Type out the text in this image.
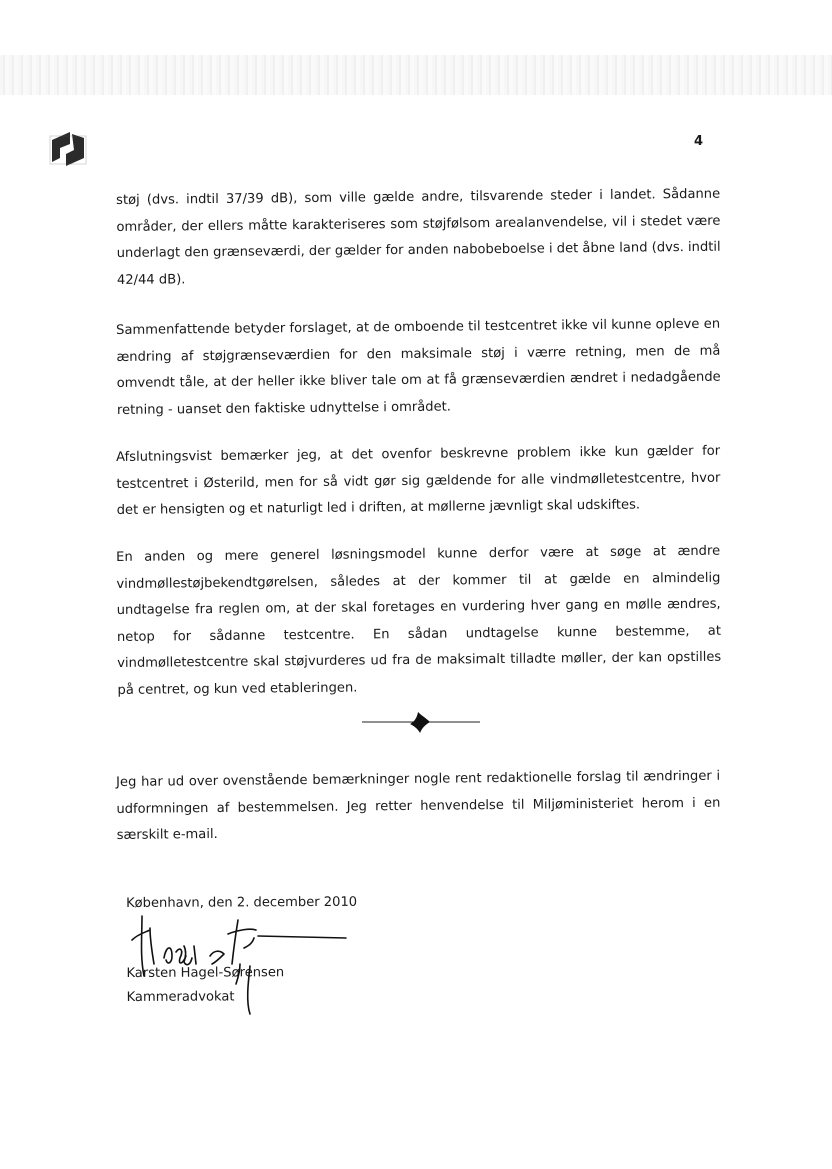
4

støj (dvs. indtil 37/39 dB), som ville gælde andre, tilsvarende steder i landet. Sådanne områder, der ellers måtte karakteriseres som støjfølsom arealanvendelse, vil i stedet være underlagt den grænseværdi, der gælder for anden nabobeboelse i det åbne land (dvs. indtil 42/44 dB).

Sammenfattende betyder forslaget, at de omboende til testcentret ikke vil kunne opleve en ændring af støjgrænseværdien for den maksimale støj i værre retning, men de må omvendt tåle, at der heller ikke bliver tale om at få grænseværdien ændret i nedadgående retning - uanset den faktiske udnyttelse i området.

Afslutningsvist bemærker jeg, at det ovenfor beskrevne problem ikke kun gælder for testcentret i Østerild, men for så vidt gør sig gældende for alle vindmølletestcentre, hvor det er hensigten og et naturligt led i driften, at møllerne jævnligt skal udskiftes.

En anden og mere generel løsningsmodel kunne derfor være at søge at ændre vindmøllestøjbekendtgørelsen, således at der kommer til at gælde en almindelig undtagelse fra reglen om, at der skal foretages en vurdering hver gang en mølle ændres, netop for sådanne testcentre. En sådan undtagelse kunne bestemme, at vindmølletestcentre skal støjvurderes ud fra de maksimalt tilladte møller, der kan opstilles på centret, og kun ved etableringen.

Jeg har ud over ovenstående bemærkninger nogle rent redaktionelle forslag til ændringer i udformningen af bestemmelsen. Jeg retter henvendelse til Miljøministeriet herom i en særskilt e-mail.

København, den 2. december 2010
Karsten Hagel-Sørensen
Kammeradvokat
